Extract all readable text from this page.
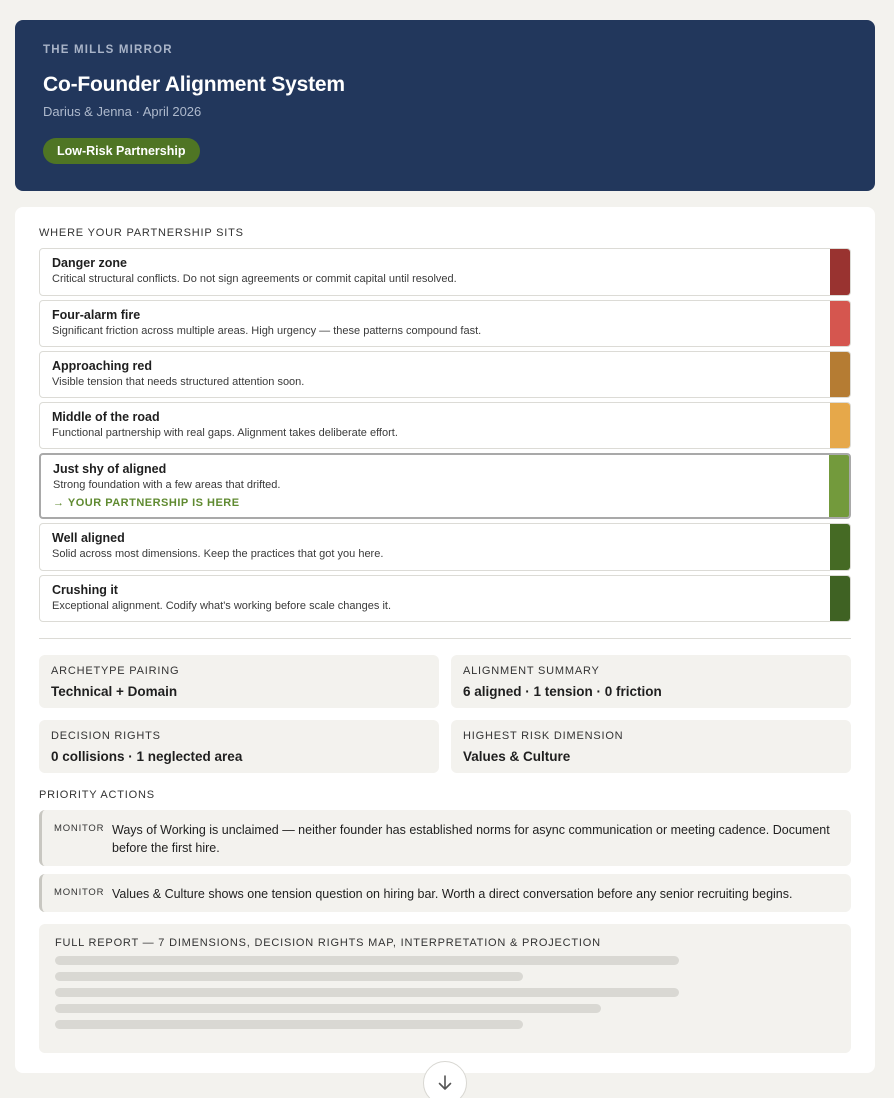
THE MILLS MIRROR
Co-Founder Alignment System
Darius & Jenna · April 2026
Low-Risk Partnership
WHERE YOUR PARTNERSHIP SITS
Danger zone
Critical structural conflicts. Do not sign agreements or commit capital until resolved.
Four-alarm fire
Significant friction across multiple areas. High urgency — these patterns compound fast.
Approaching red
Visible tension that needs structured attention soon.
Middle of the road
Functional partnership with real gaps. Alignment takes deliberate effort.
Just shy of aligned
Strong foundation with a few areas that drifted.
→ YOUR PARTNERSHIP IS HERE
Well aligned
Solid across most dimensions. Keep the practices that got you here.
Crushing it
Exceptional alignment. Codify what's working before scale changes it.
ARCHETYPE PAIRING
Technical + Domain
ALIGNMENT SUMMARY
6 aligned · 1 tension · 0 friction
DECISION RIGHTS
0 collisions · 1 neglected area
HIGHEST RISK DIMENSION
Values & Culture
PRIORITY ACTIONS
MONITOR Ways of Working is unclaimed — neither founder has established norms for async communication or meeting cadence. Document before the first hire.
MONITOR Values & Culture shows one tension question on hiring bar. Worth a direct conversation before any senior recruiting begins.
FULL REPORT — 7 DIMENSIONS, DECISION RIGHTS MAP, INTERPRETATION & PROJECTION
